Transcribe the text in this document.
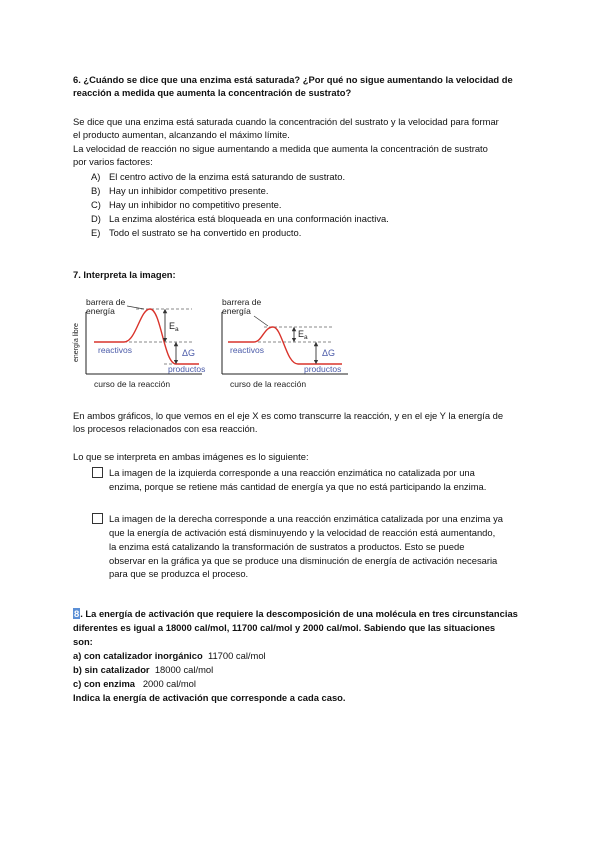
6. ¿Cuándo se dice que una enzima está saturada? ¿Por qué no sigue aumentando la velocidad de
reacción a medida que aumenta la concentración de sustrato?
Se dice que una enzima está saturada cuando la concentración del sustrato y la velocidad para formar
el producto aumentan, alcanzando el máximo límite.
La velocidad de reacción no sigue aumentando a medida que aumenta la concentración de sustrato
por varios factores:
A) El centro activo de la enzima está saturando de sustrato.
B) Hay un inhibidor competitivo presente.
C) Hay un inhibidor no competitivo presente.
D) La enzima alostérica está bloqueada en una conformación inactiva.
E) Todo el sustrato se ha convertido en producto.
7. Interpreta la imagen:
energía libre
barrera de
energía
$E_a$
reactivos	ΔG
productos
curso de la reacción
barrera de
energía
$E_a$
reactivos	ΔG
productos
curso de la reacción
En ambos gráficos, lo que vemos en el eje X es como transcurre la reacción, y en el eje Y la energía de
los procesos relacionados con esa reacción.
Lo que se interpreta en ambas imágenes es lo siguiente:
La imagen de la izquierda corresponde a una reacción enzimática no catalizada por una
enzima, porque se retiene más cantidad de energía ya que no está participando la enzima.
La imagen de la derecha corresponde a una reacción enzimática catalizada por una enzima ya
que la energía de activación está disminuyendo y la velocidad de reacción está aumentando,
la enzima está catalizando la transformación de sustratos a productos. Esto se puede
observar en la gráfica ya que se produce una disminución de energía de activación necesaria
para que se produzca el proceso.
8. La energía de activación que requiere la descomposición de una molécula en tres circunstancias
diferentes es igual a 18000 cal/mol, 11700 cal/mol y 2000 cal/mol. Sabiendo que las situaciones
son:
a) con catalizador inorgánico 11700 cal/mol
b) sin catalizador 18000 cal/mol
c) con enzima 2000 cal/mol
Indica la energía de activación que corresponde a cada caso.
